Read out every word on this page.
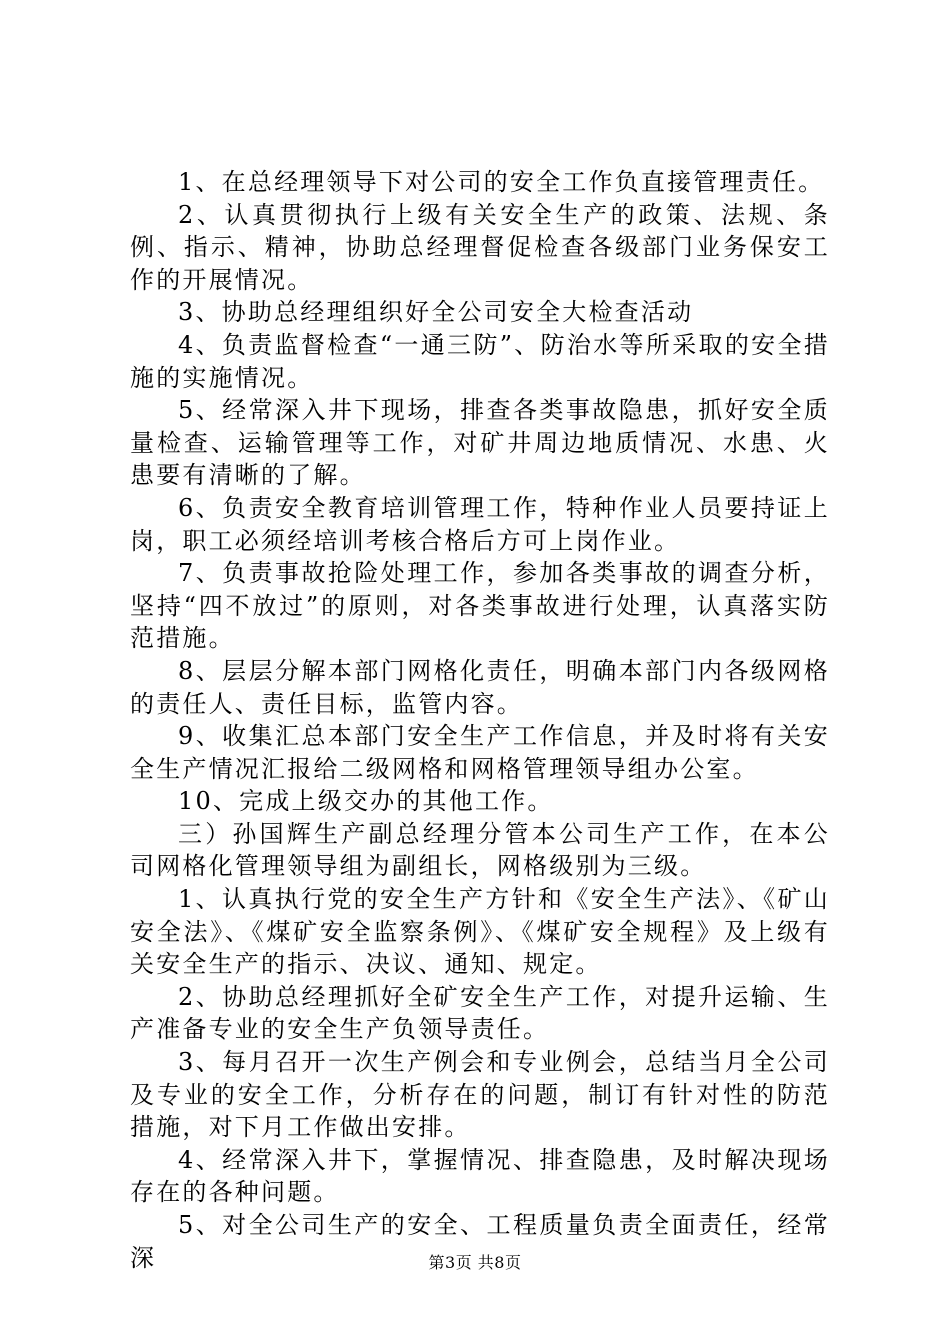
1、在总经理领导下对公司的安全工作负直接管理责任。

2、认真贯彻执行上级有关安全生产的政策、法规、条例、指示、精神，协助总经理督促检查各级部门业务保安工作的开展情况。

3、协助总经理组织好全公司安全大检查活动

4、负责监督检查“一通三防”、防治水等所采取的安全措施的实施情况。

5、经常深入井下现场，排查各类事故隐患，抓好安全质量检查、运输管理等工作，对矿井周边地质情况、水患、火患要有清晰的了解。

6、负责安全教育培训管理工作，特种作业人员要持证上岗，职工必须经培训考核合格后方可上岗作业。

7、负责事故抢险处理工作，参加各类事故的调查分析，坚持“四不放过”的原则，对各类事故进行处理，认真落实防范措施。

8、层层分解本部门网格化责任，明确本部门内各级网格的责任人、责任目标，监管内容。

9、收集汇总本部门安全生产工作信息，并及时将有关安全生产情况汇报给二级网格和网格管理领导组办公室。

10、完成上级交办的其他工作。

三）孙国辉生产副总经理分管本公司生产工作，在本公司网格化管理领导组为副组长，网格级别为三级。

1、认真执行党的安全生产方针和《安全生产法》、《矿山安全法》、《煤矿安全监察条例》、《煤矿安全规程》及上级有关安全生产的指示、决议、通知、规定。

2、协助总经理抓好全矿安全生产工作，对提升运输、生产准备专业的安全生产负领导责任。

3、每月召开一次生产例会和专业例会，总结当月全公司及专业的安全工作，分析存在的问题，制订有针对性的防范措施，对下月工作做出安排。

4、经常深入井下，掌握情况、排查隐患，及时解决现场存在的各种问题。

5、对全公司生产的安全、工程质量负责全面责任，经常深	第3页 共8页
